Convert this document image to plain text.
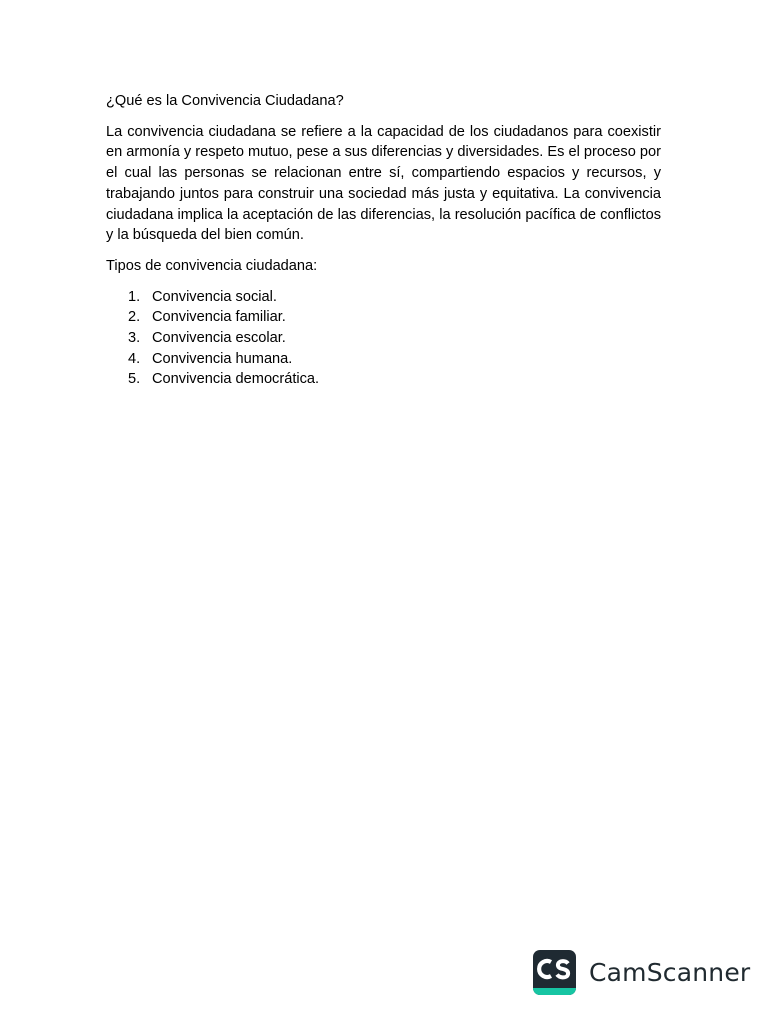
¿Qué es la Convivencia Ciudadana?

La convivencia ciudadana se refiere a la capacidad de los ciudadanos para coexistir en armonía y respeto mutuo, pese a sus diferencias y diversidades. Es el proceso por el cual las personas se relacionan entre sí, compartiendo espacios y recursos, y trabajando juntos para construir una sociedad más justa y equitativa. La convivencia ciudadana implica la aceptación de las diferencias, la resolución pacífica de conflictos y la búsqueda del bien común.

Tipos de convivencia ciudadana:

1. Convivencia social.
2. Convivencia familiar.
3. Convivencia escolar.
4. Convivencia humana.
5. Convivencia democrática.
CamScanner
